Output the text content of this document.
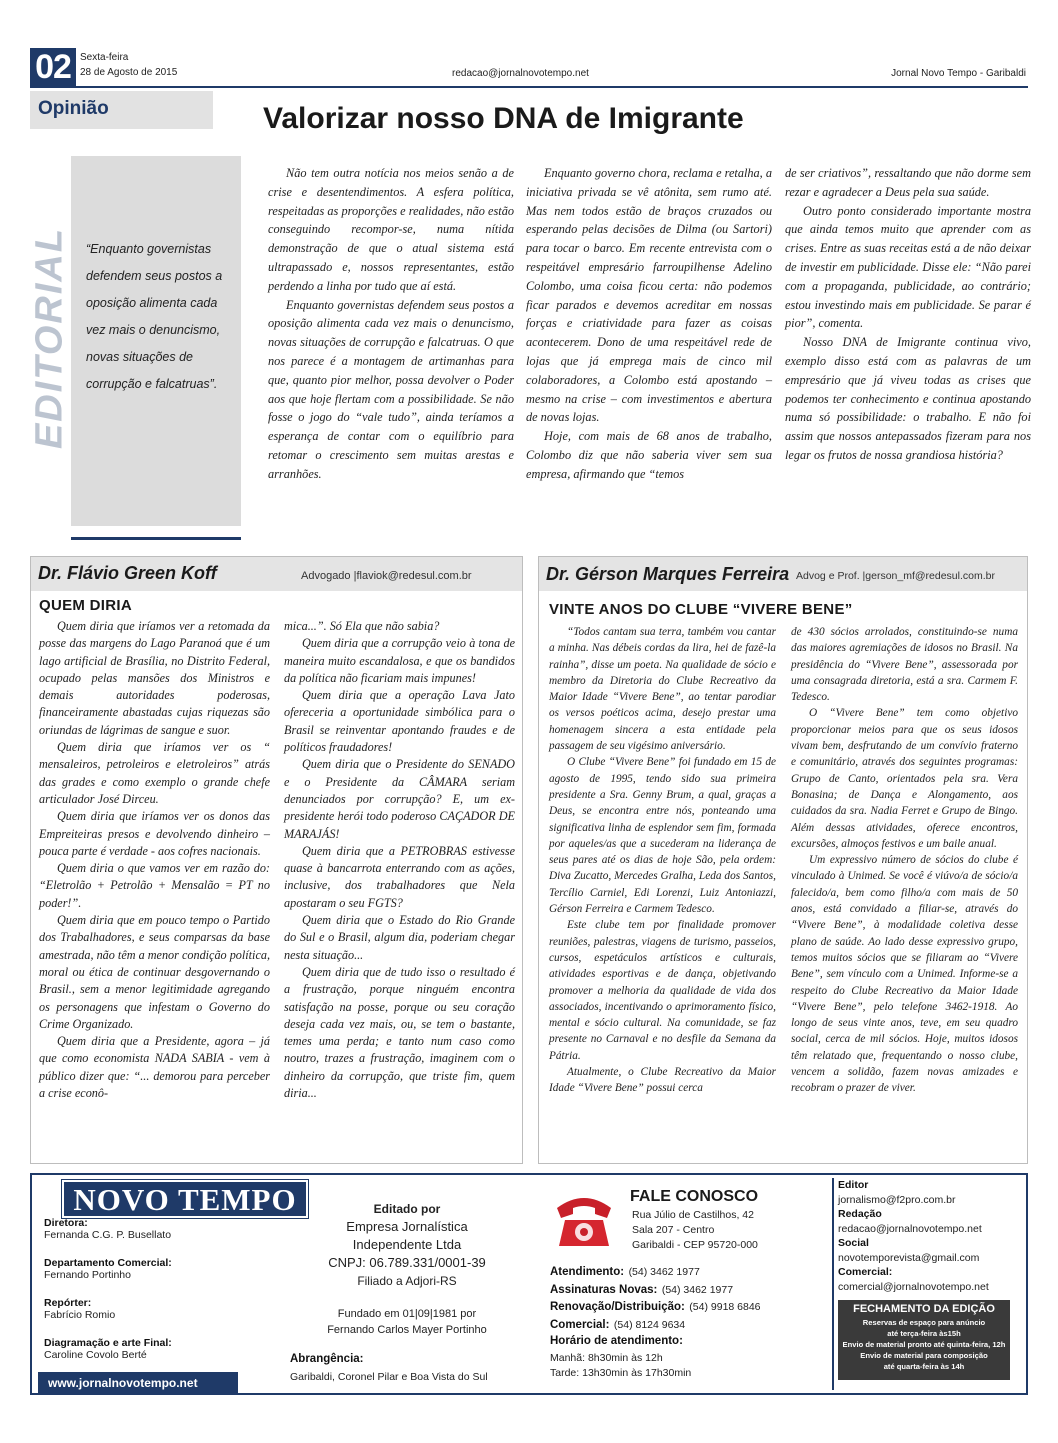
02 Sexta-feira
28 de Agosto de 2015	redacao@jornalnovotempo.net	Jornal Novo Tempo - Garibaldi
Opinião	Valorizar nosso DNA de Imigrante
EDITORIAL “Enquanto governistas defendem seus postos a oposição alimenta cada vez mais o denuncismo, novas situações de corrupção e falcatruas”.

Não tem outra notícia nos meios senão a de crise e desentendimentos. A esfera política, respeitadas as proporções e realidades, não estão conseguindo recompor-se, numa nítida demonstração de que o atual sistema está ultrapassado e, nossos representantes, estão perdendo a linha por tudo que aí está.

Enquanto governistas defendem seus postos a oposição alimenta cada vez mais o denuncismo, novas situações de corrupção e falcatruas. O que nos parece é a montagem de artimanhas para que, quanto pior melhor, possa devolver o Poder aos que hoje flertam com a possibilidade. Se não fosse o jogo do “vale tudo”, ainda teríamos a esperança de contar com o equilíbrio para retomar o crescimento sem muitas arestas e arranhões.

Enquanto governo chora, reclama e retalha, a iniciativa privada se vê atônita, sem rumo até. Mas nem todos estão de braços cruzados ou esperando pelas decisões de Dilma (ou Sartori) para tocar o barco. Em recente entrevista com o respeitável empresário farroupilhense Adelino Colombo, uma coisa ficou certa: não podemos ficar parados e devemos acreditar em nossas forças e criatividade para fazer as coisas acontecerem. Dono de uma respeitável rede de lojas que já emprega mais de cinco mil colaboradores, a Colombo está apostando – mesmo na crise – com investimentos e abertura de novas lojas.

Hoje, com mais de 68 anos de trabalho, Colombo diz que não saberia viver sem sua empresa, afirmando que “temos

de ser criativos”, ressaltando que não dorme sem rezar e agradecer a Deus pela sua saúde.

Outro ponto considerado importante mostra que ainda temos muito que aprender com as crises. Entre as suas receitas está a de não deixar de investir em publicidade. Disse ele: “Não parei com a propaganda, publicidade, ao contrário; estou investindo mais em publicidade. Se parar é pior”, comenta.

Nosso DNA de Imigrante continua vivo, exemplo disso está com as palavras de um empresário que já viveu todas as crises que podemos ter conhecimento e continua apostando numa só possibilidade: o trabalho. E não foi assim que nossos antepassados fizeram para nos legar os frutos de nossa grandiosa história?

Dr. Flávio Green Koff	Advogado |flaviok@redesul.com.br
QUEM DIRIA

Quem diria que iríamos ver a retomada da posse das margens do Lago Paranoá que é um lago artificial de Brasília, no Distrito Federal, ocupado pelas mansões dos Ministros e demais autoridades poderosas, financeiramente abastadas cujas riquezas são oriundas de lágrimas de sangue e suor.

Quem diria que iríamos ver os “ mensaleiros, petroleiros e eletroleiros” atrás das grades e como exemplo o grande chefe articulador José Dirceu.

Quem diria que iríamos ver os donos das Empreiteiras presos e devolvendo dinheiro – pouca parte é verdade - aos cofres nacionais.

Quem diria o que vamos ver em razão do: “Eletrolão + Petrolão + Mensalão = PT no poder!”.

Quem diria que em pouco tempo o Partido dos Trabalhadores, e seus comparsas da base amestrada, não têm a menor condição política, moral ou ética de continuar desgovernando o Brasil., sem a menor legitimidade agregando os personagens que infestam o Governo do Crime Organizado.

Quem diria que a Presidente, agora – já que como economista NADA SABIA - vem à público dizer que: “... demorou para perceber a crise econô-

mica...”. Só Ela que não sabia?

Quem diria que a corrupção veio à tona de maneira muito escandalosa, e que os bandidos da política não ficariam mais impunes!

Quem diria que a operação Lava Jato ofereceria a oportunidade simbólica para o Brasil se reinventar apontando fraudes e de políticos fraudadores!

Quem diria que o Presidente do SENADO e o Presidente da CÂMARA seriam denunciados por corrupção? E, um ex-presidente herói todo poderoso CAÇADOR DE MARAJÁS!

Quem diria que a PETROBRAS estivesse quase à bancarrota enterrando com as ações, inclusive, dos trabalhadores que Nela apostaram o seu FGTS?

Quem diria que o Estado do Rio Grande do Sul e o Brasil, algum dia, poderiam chegar nesta situação...

Quem diria que de tudo isso o resultado é a frustração, porque ninguém encontra satisfação na posse, porque ou seu coração deseja cada vez mais, ou, se tem o bastante, temes uma perda; e tanto num caso como noutro, trazes a frustração, imaginem com o dinheiro da corrupção, que triste fim, quem diria...

Dr. Gérson Marques Ferreira Advog e Prof. |gerson_mf@redesul.com.br
VINTE ANOS DO CLUBE “VIVERE BENE”

“Todos cantam sua terra, também vou cantar a minha. Nas débeis cordas da lira, hei de fazê-la rainha”, disse um poeta. Na qualidade de sócio e membro da Diretoria do Clube Recreativo da Maior Idade “Vivere Bene”, ao tentar parodiar os versos poéticos acima, desejo prestar uma homenagem sincera a esta entidade pela passagem de seu vigésimo aniversário.

O Clube “Vivere Bene” foi fundado em 15 de agosto de 1995, tendo sido sua primeira presidente a Sra. Genny Brum, a qual, graças a Deus, se encontra entre nós, ponteando uma significativa linha de esplendor sem fim, formada por aqueles/as que a sucederam na liderança de seus pares até os dias de hoje São, pela ordem: Diva Zucatto, Mercedes Gralha, Leda dos Santos, Tercílio Carniel, Edi Lorenzi, Luiz Antoniazzi, Gérson Ferreira e Carmem Tedesco.

Este clube tem por finalidade promover reuniões, palestras, viagens de turismo, passeios, cursos, espetáculos artísticos e culturais, atividades esportivas e de dança, objetivando promover a melhoria da qualidade de vida dos associados, incentivando o aprimoramento físico, mental e sócio cultural. Na comunidade, se faz presente no Carnaval e no desfile da Semana da Pátria.

Atualmente, o Clube Recreativo da Maior Idade “Vivere Bene” possui cerca

de 430 sócios arrolados, constituindo-se numa das maiores agremiações de idosos no Brasil. Na presidência do “Vivere Bene”, assessorada por uma consagrada diretoria, está a sra. Carmem F. Tedesco.

O “Vivere Bene” tem como objetivo proporcionar meios para que os seus idosos vivam bem, desfrutando de um convívio fraterno e comunitário, através dos seguintes programas: Grupo de Canto, orientados pela sra. Vera Bonasina; de Dança e Alongamento, aos cuidados da sra. Nadia Ferret e Grupo de Bingo. Além dessas atividades, oferece encontros, excursões, almoços festivos e um baile anual.

Um expressivo número de sócios do clube é vinculado à Unimed. Se você é viúvo/a de sócio/a falecido/a, bem como filho/a com mais de 50 anos, está convidado a filiar-se, através do “Vivere Bene”, à modalidade coletiva desse plano de saúde. Ao lado desse expressivo grupo, temos muitos sócios que se filiaram ao “Vivere Bene”, sem vínculo com a Unimed. Informe-se a respeito do Clube Recreativo da Maior Idade “Vivere Bene”, pelo telefone 3462-1918. Ao longo de seus vinte anos, teve, em seu quadro social, cerca de mil sócios. Hoje, muitos idosos têm relatado que, frequentando o nosso clube, vencem a solidão, fazem novas amizades e recobram o prazer de viver.

NOVO TEMPO
Diretora:
Fernanda C.G. P. Busellato
Departamento Comercial:
Fernando Portinho
Repórter:
Fabrício Romio
Diagramação e arte Final:
Caroline Covolo Berté
www.jornalnovotempo.net
Editado por
Empresa Jornalística
Independente Ltda
CNPJ: 06.789.331/0001-39
Filiado a Adjori-RS
Fundado em 01|09|1981 por
Fernando Carlos Mayer Portinho
Abrangência:
Garibaldi, Coronel Pilar e Boa Vista do Sul
FALE CONOSCO
Rua Júlio de Castilhos, 42
Sala 207 - Centro
Garibaldi - CEP 95720-000
Atendimento: (54) 3462 1977
Assinaturas Novas: (54) 3462 1977
Renovação/Distribuição: (54) 9918 6846
Comercial: (54) 8124 9634
Horário de atendimento:
Manhã: 8h30min às 12h
Tarde: 13h30min às 17h30min
Editor
jornalismo@f2pro.com.br
Redação
redacao@jornalnovotempo.net
Social
novotemporevista@gmail.com
Comercial:
comercial@jornalnovotempo.net
FECHAMENTO DA EDIÇÃO
Reservas de espaço para anúncio
até terça-feira às15h
Envio de material pronto até quinta-feira, 12h
Envio de material para composição
até quarta-feira às 14h
